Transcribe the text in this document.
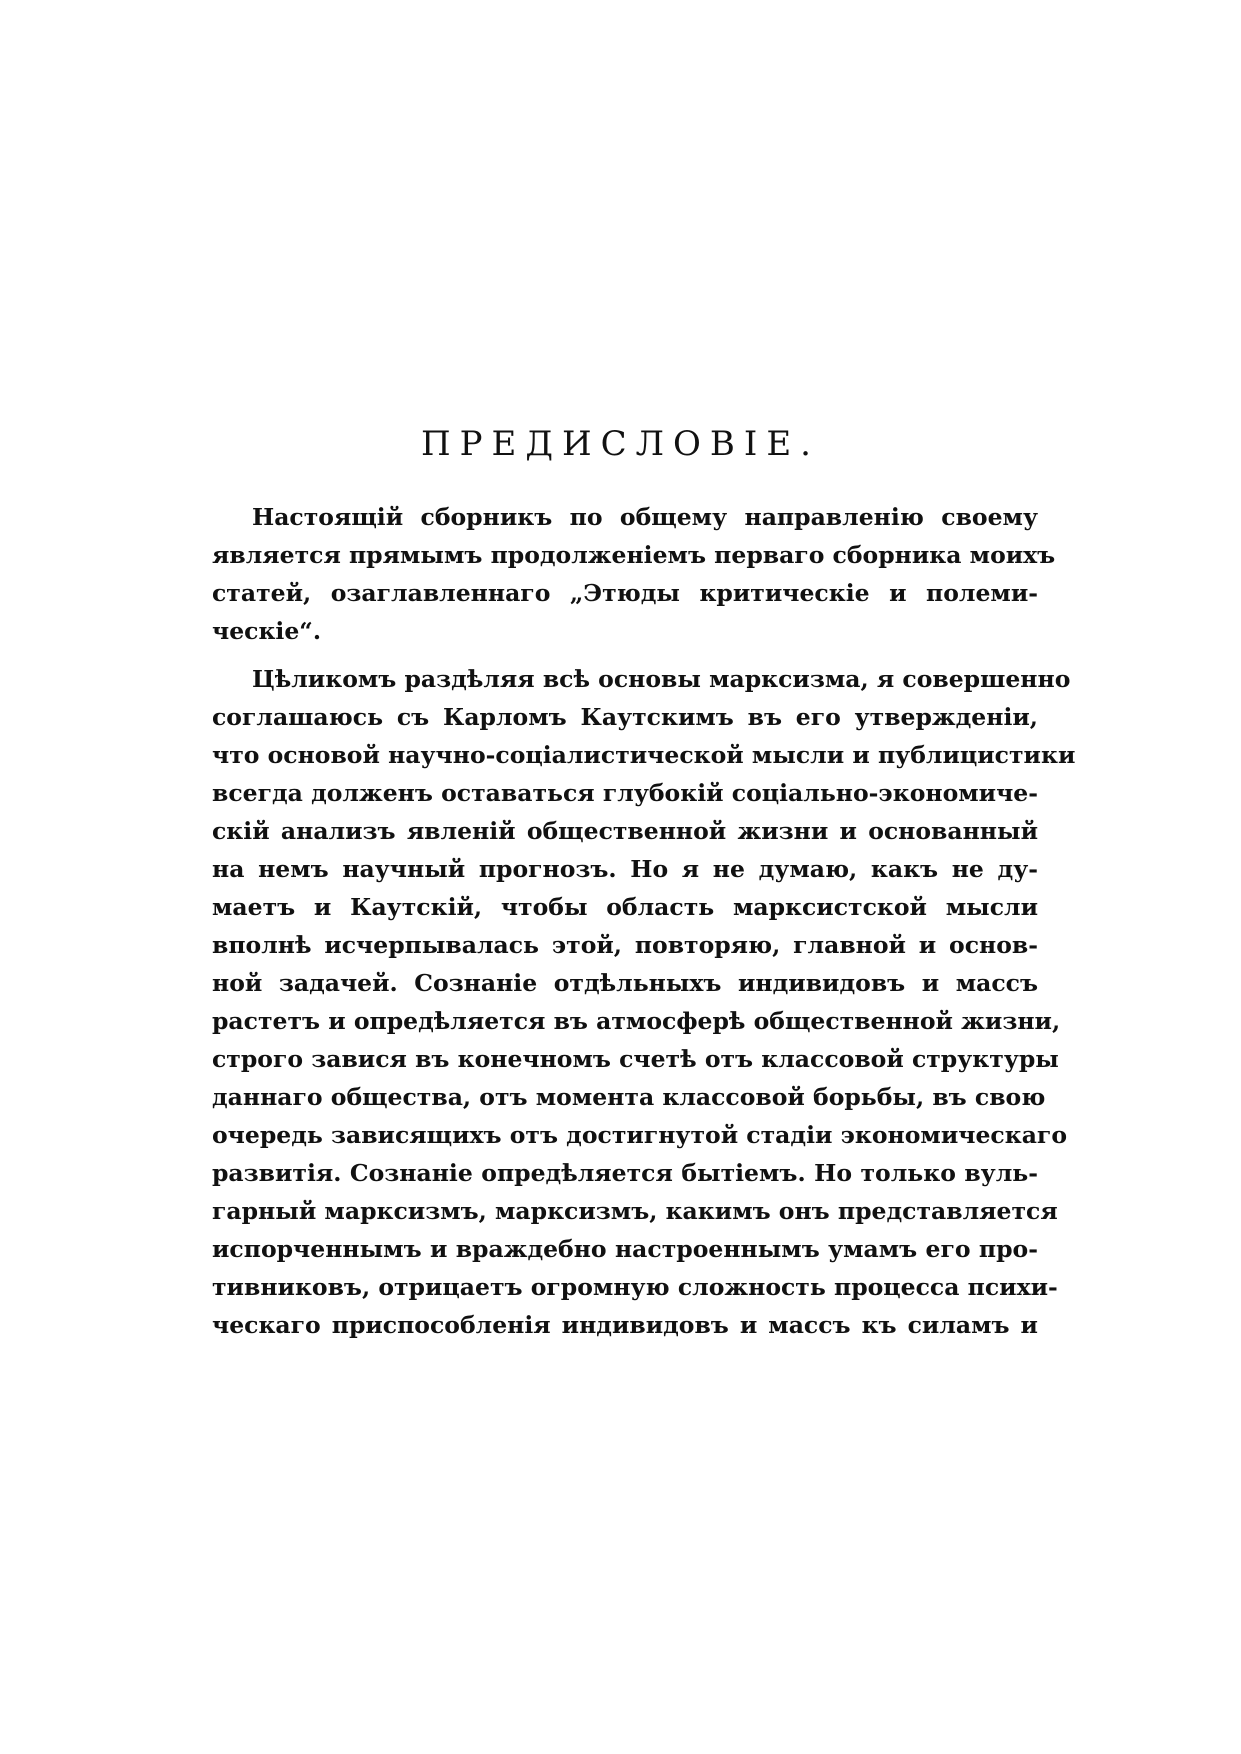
ПРЕДИСЛОВІЕ.
Настоящій сборникъ по общему направленію своему
является прямымъ продолженіемъ перваго сборника моихъ
статей, озаглавленнаго „Этюды критическіе и полеми-
ческіе“.
Цѣликомъ раздѣляя всѣ основы марксизма, я совершенно
соглашаюсь съ Карломъ Каутскимъ въ его утвержденіи,
что основой научно-соціалистической мысли и публицистики
всегда долженъ оставаться глубокій соціально-экономиче-
скій анализъ явленій общественной жизни и основанный
на немъ научный прогнозъ. Но я не думаю, какъ не ду-
маетъ и Каутскій, чтобы область марксистской мысли
вполнѣ исчерпывалась этой, повторяю, главной и основ-
ной задачей. Сознаніе отдѣльныхъ индивидовъ и массъ
растетъ и опредѣляется въ атмосферѣ общественной жизни,
строго завися въ конечномъ счетѣ отъ классовой структуры
даннаго общества, отъ момента классовой борьбы, въ свою
очередь зависящихъ отъ достигнутой стадіи экономическаго
развитія. Сознаніе опредѣляется бытіемъ. Но только вуль-
гарный марксизмъ, марксизмъ, какимъ онъ представляется
испорченнымъ и враждебно настроеннымъ умамъ его про-
тивниковъ, отрицаетъ огромную сложность процесса психи-
ческаго приспособленія индивидовъ и массъ къ силамъ и
